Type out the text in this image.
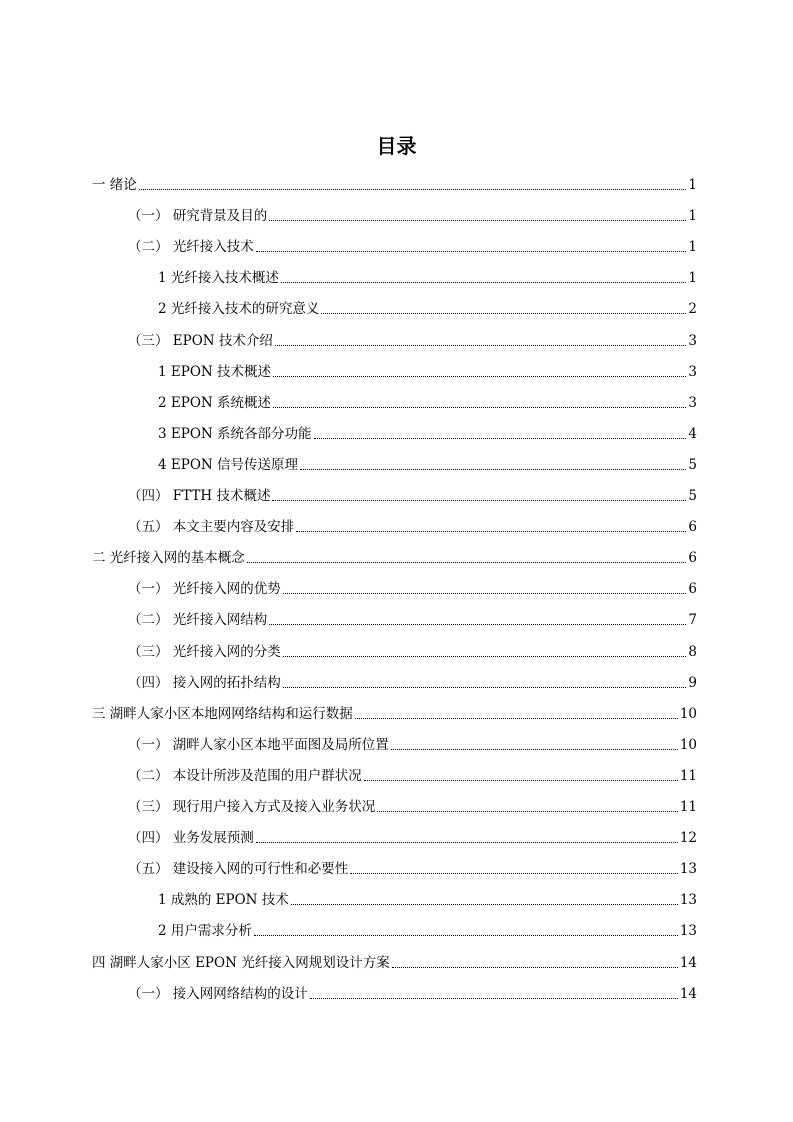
目录
一 绪论	1
（一） 研究背景及目的	1
（二） 光纤接入技术	1
1 光纤接入技术概述	1
2 光纤接入技术的研究意义	2
（三） EPON 技术介绍	3
1 EPON 技术概述	3
2 EPON 系统概述	3
3 EPON 系统各部分功能	4
4 EPON 信号传送原理	5
（四） FTTH 技术概述	5
（五） 本文主要内容及安排	6
二 光纤接入网的基本概念	6
（一） 光纤接入网的优势	6
（二） 光纤接入网结构	7
（三） 光纤接入网的分类	8
（四） 接入网的拓扑结构	9
三 湖畔人家小区本地网网络结构和运行数据	10
（一） 湖畔人家小区本地平面图及局所位置	10
（二） 本设计所涉及范围的用户群状况	11
（三） 现行用户接入方式及接入业务状况	11
（四） 业务发展预测	12
（五） 建设接入网的可行性和必要性	13
1 成熟的 EPON 技术	13
2 用户需求分析	13
四 湖畔人家小区 EPON 光纤接入网规划设计方案	14
（一） 接入网网络结构的设计	14
